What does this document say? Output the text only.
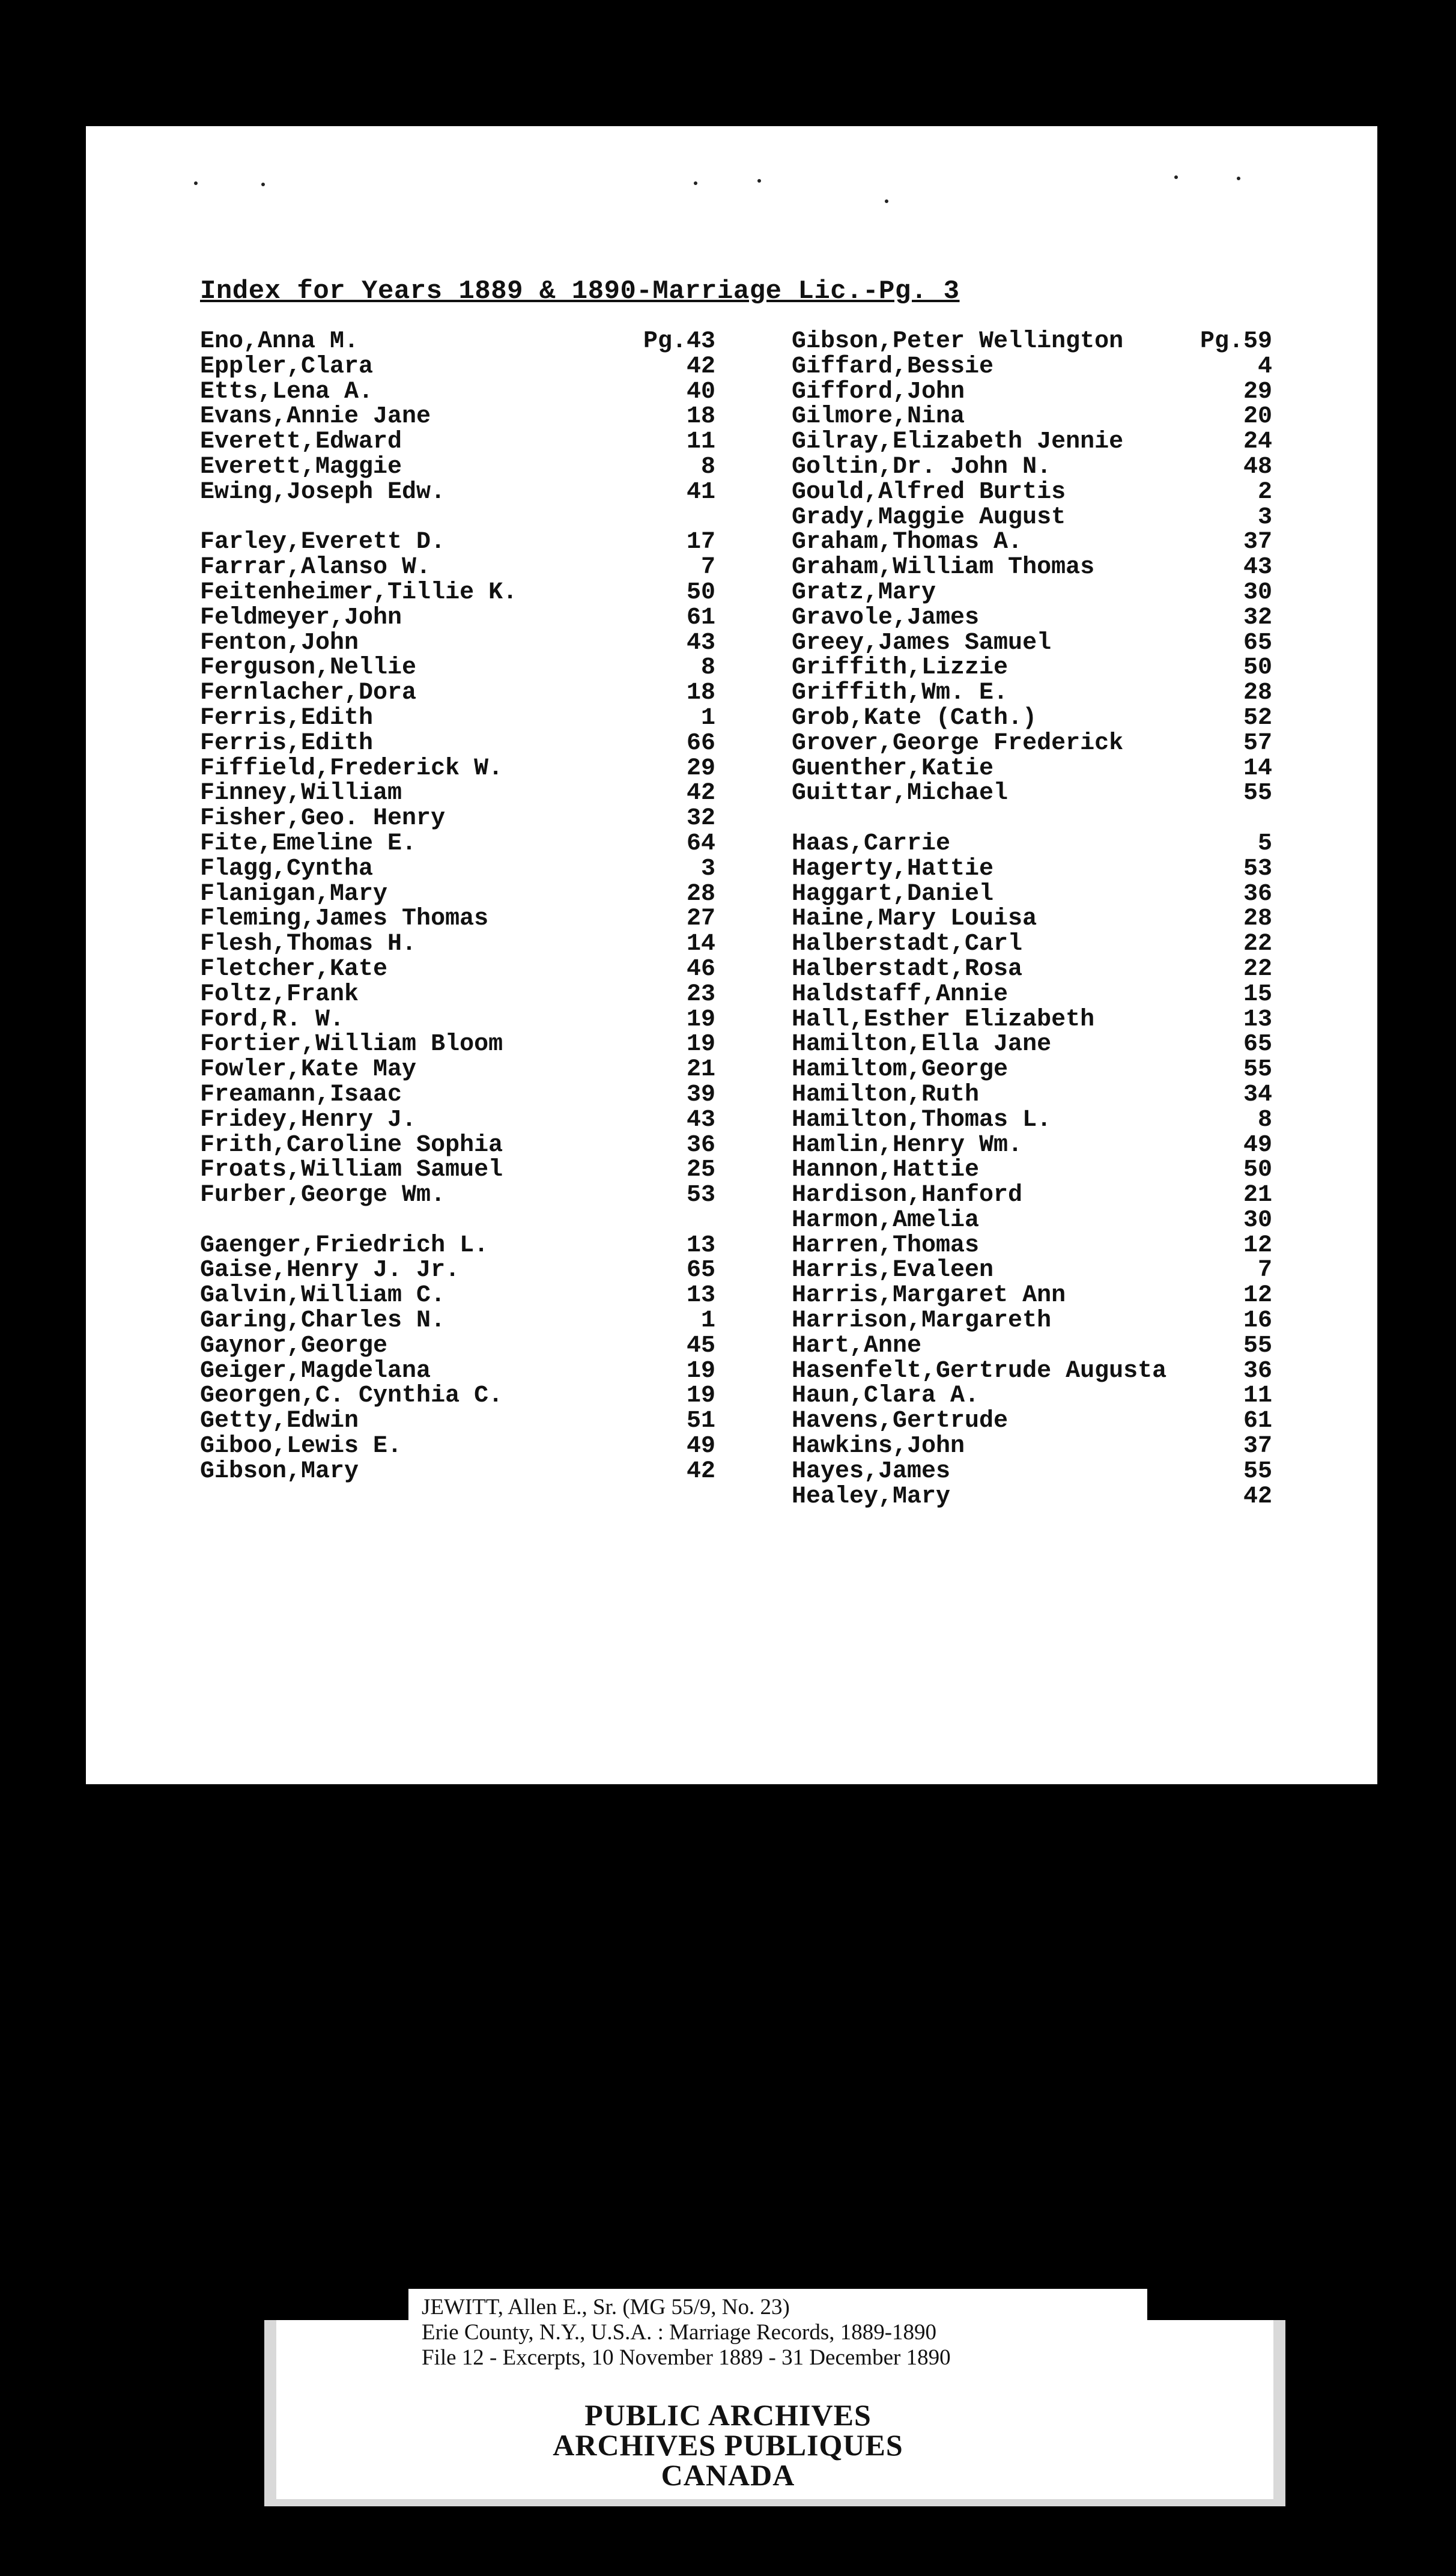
Index for Years 1889 & 1890-Marriage Lic.-Pg. 3
Eno,Anna M.	Pg.43
Eppler,Clara	42
Etts,Lena A.	40
Evans,Annie Jane	18
Everett,Edward	11
Everett,Maggie	8
Ewing,Joseph Edw.	41
Farley,Everett D.	17
Farrar,Alanso W.	7
Feitenheimer,Tillie K.	50
Feldmeyer,John	61
Fenton,John	43
Ferguson,Nellie	8
Fernlacher,Dora	18
Ferris,Edith	1
Ferris,Edith	66
Fiffield,Frederick W.	29
Finney,William	42
Fisher,Geo. Henry	32
Fite,Emeline E.	64
Flagg,Cyntha	3
Flanigan,Mary	28
Fleming,James Thomas	27
Flesh,Thomas H.	14
Fletcher,Kate	46
Foltz,Frank	23
Ford,R. W.	19
Fortier,William Bloom	19
Fowler,Kate May	21
Freamann,Isaac	39
Fridey,Henry J.	43
Frith,Caroline Sophia	36
Froats,William Samuel	25
Furber,George Wm.	53
Gaenger,Friedrich L.	13
Gaise,Henry J. Jr.	65
Galvin,William C.	13
Garing,Charles N.	1
Gaynor,George	45
Geiger,Magdelana	19
Georgen,C. Cynthia C.	19
Getty,Edwin	51
Giboo,Lewis E.	49
Gibson,Mary	42
Gibson,Peter Wellington	Pg.59
Giffard,Bessie	4
Gifford,John	29
Gilmore,Nina	20
Gilray,Elizabeth Jennie	24
Goltin,Dr. John N.	48
Gould,Alfred Burtis	2
Grady,Maggie August	3
Graham,Thomas A.	37
Graham,William Thomas	43
Gratz,Mary	30
Gravole,James	32
Greey,James Samuel	65
Griffith,Lizzie	50
Griffith,Wm. E.	28
Grob,Kate (Cath.)	52
Grover,George Frederick	57
Guenther,Katie	14
Guittar,Michael	55
Haas,Carrie	5
Hagerty,Hattie	53
Haggart,Daniel	36
Haine,Mary Louisa	28
Halberstadt,Carl	22
Halberstadt,Rosa	22
Haldstaff,Annie	15
Hall,Esther Elizabeth	13
Hamilton,Ella Jane	65
Hamiltom,George	55
Hamilton,Ruth	34
Hamilton,Thomas L.	8
Hamlin,Henry Wm.	49
Hannon,Hattie	50
Hardison,Hanford	21
Harmon,Amelia	30
Harren,Thomas	12
Harris,Evaleen	7
Harris,Margaret Ann	12
Harrison,Margareth	16
Hart,Anne	55
Hasenfelt,Gertrude Augusta	36
Haun,Clara A.	11
Havens,Gertrude	61
Hawkins,John	37
Hayes,James	55
Healey,Mary	42
JEWITT, Allen E., Sr. (MG 55/9, No. 23)
Erie County, N.Y., U.S.A. : Marriage Records, 1889-1890
File 12 - Excerpts, 10 November 1889 - 31 December 1890
PUBLIC ARCHIVES
ARCHIVES PUBLIQUES
CANADA
